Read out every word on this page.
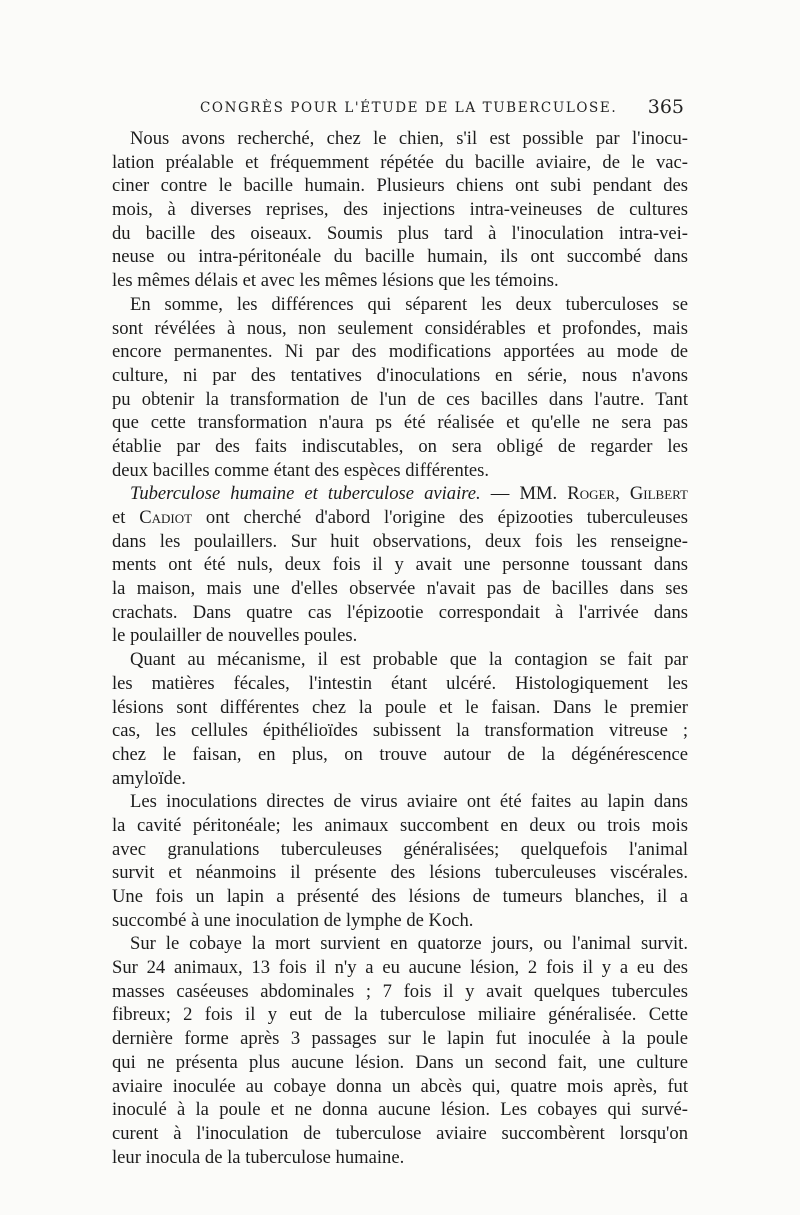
CONGRÈS POUR L'ÉTUDE DE LA TUBERCULOSE. 365
Nous avons recherché, chez le chien, s'il est possible par l'inocu-
lation préalable et fréquemment répétée du bacille aviaire, de le vac-
ciner contre le bacille humain. Plusieurs chiens ont subi pendant des
mois, à diverses reprises, des injections intra-veineuses de cultures
du bacille des oiseaux. Soumis plus tard à l'inoculation intra-vei-
neuse ou intra-péritonéale du bacille humain, ils ont succombé dans
les mêmes délais et avec les mêmes lésions que les témoins.
En somme, les différences qui séparent les deux tuberculoses se
sont révélées à nous, non seulement considérables et profondes, mais
encore permanentes. Ni par des modifications apportées au mode de
culture, ni par des tentatives d'inoculations en série, nous n'avons
pu obtenir la transformation de l'un de ces bacilles dans l'autre. Tant
que cette transformation n'aura ps été réalisée et qu'elle ne sera pas
établie par des faits indiscutables, on sera obligé de regarder les
deux bacilles comme étant des espèces différentes.
Tuberculose humaine et tuberculose aviaire. — MM. Roger, Gilbert
et Cadiot ont cherché d'abord l'origine des épizooties tuberculeuses
dans les poulaillers. Sur huit observations, deux fois les renseigne-
ments ont été nuls, deux fois il y avait une personne toussant dans
la maison, mais une d'elles observée n'avait pas de bacilles dans ses
crachats. Dans quatre cas l'épizootie correspondait à l'arrivée dans
le poulailler de nouvelles poules.
Quant au mécanisme, il est probable que la contagion se fait par
les matières fécales, l'intestin étant ulcéré. Histologiquement les
lésions sont différentes chez la poule et le faisan. Dans le premier
cas, les cellules épithélioïdes subissent la transformation vitreuse ;
chez le faisan, en plus, on trouve autour de la dégénérescence
amyloïde.
Les inoculations directes de virus aviaire ont été faites au lapin dans
la cavité péritonéale; les animaux succombent en deux ou trois mois
avec granulations tuberculeuses généralisées; quelquefois l'animal
survit et néanmoins il présente des lésions tuberculeuses viscérales.
Une fois un lapin a présenté des lésions de tumeurs blanches, il a
succombé à une inoculation de lymphe de Koch.
Sur le cobaye la mort survient en quatorze jours, ou l'animal survit.
Sur 24 animaux, 13 fois il n'y a eu aucune lésion, 2 fois il y a eu des
masses caséeuses abdominales ; 7 fois il y avait quelques tubercules
fibreux; 2 fois il y eut de la tuberculose miliaire généralisée. Cette
dernière forme après 3 passages sur le lapin fut inoculée à la poule
qui ne présenta plus aucune lésion. Dans un second fait, une culture
aviaire inoculée au cobaye donna un abcès qui, quatre mois après, fut
inoculé à la poule et ne donna aucune lésion. Les cobayes qui survé-
curent à l'inoculation de tuberculose aviaire succombèrent lorsqu'on
leur inocula de la tuberculose humaine.
